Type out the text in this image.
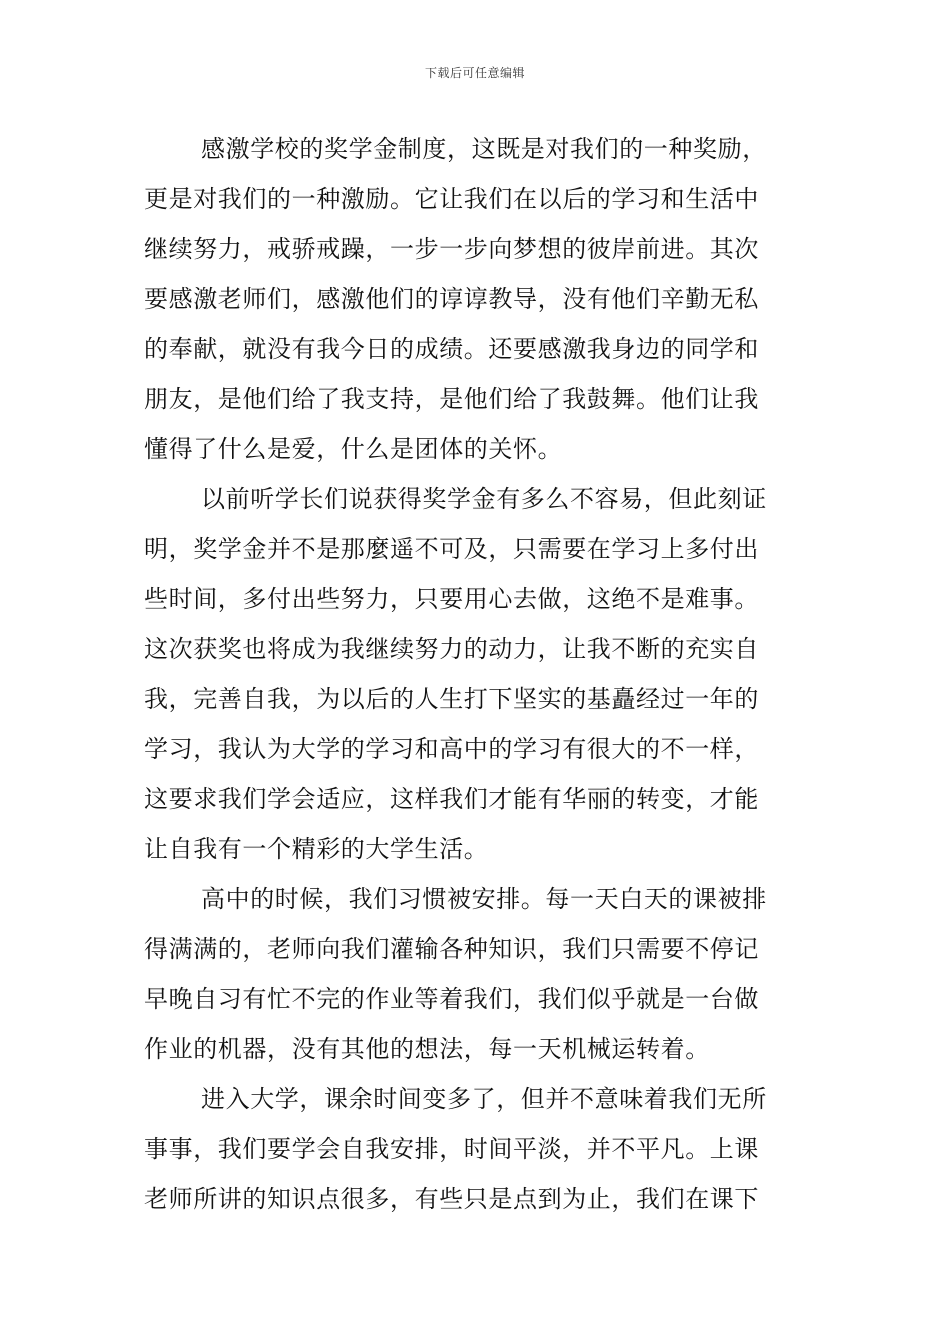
下载后可任意编辑
感激学校的奖学金制度，这既是对我们的一种奖励，
更是对我们的一种激励。它让我们在以后的学习和生活中
继续努力，戒骄戒躁，一步一步向梦想的彼岸前进。其次
要感激老师们，感激他们的谆谆教导，没有他们辛勤无私
的奉献，就没有我今日的成绩。还要感激我身边的同学和
朋友，是他们给了我支持，是他们给了我鼓舞。他们让我
懂得了什么是爱，什么是团体的关怀。
以前听学长们说获得奖学金有多么不容易，但此刻证
明，奖学金并不是那麼遥不可及，只需要在学习上多付出
些时间，多付出些努力，只要用心去做，这绝不是难事。
这次获奖也将成为我继续努力的动力，让我不断的充实自
我，完善自我，为以后的人生打下坚实的基矗经过一年的
学习，我认为大学的学习和高中的学习有很大的不一样，
这要求我们学会适应，这样我们才能有华丽的转变，才能
让自我有一个精彩的大学生活。
高中的时候，我们习惯被安排。每一天白天的课被排
得满满的，老师向我们灌输各种知识，我们只需要不停记
早晚自习有忙不完的作业等着我们，我们似乎就是一台做
作业的机器，没有其他的想法，每一天机械运转着。
进入大学，课余时间变多了，但并不意味着我们无所
事事，我们要学会自我安排，时间平淡，并不平凡。上课
老师所讲的知识点很多，有些只是点到为止，我们在课下
